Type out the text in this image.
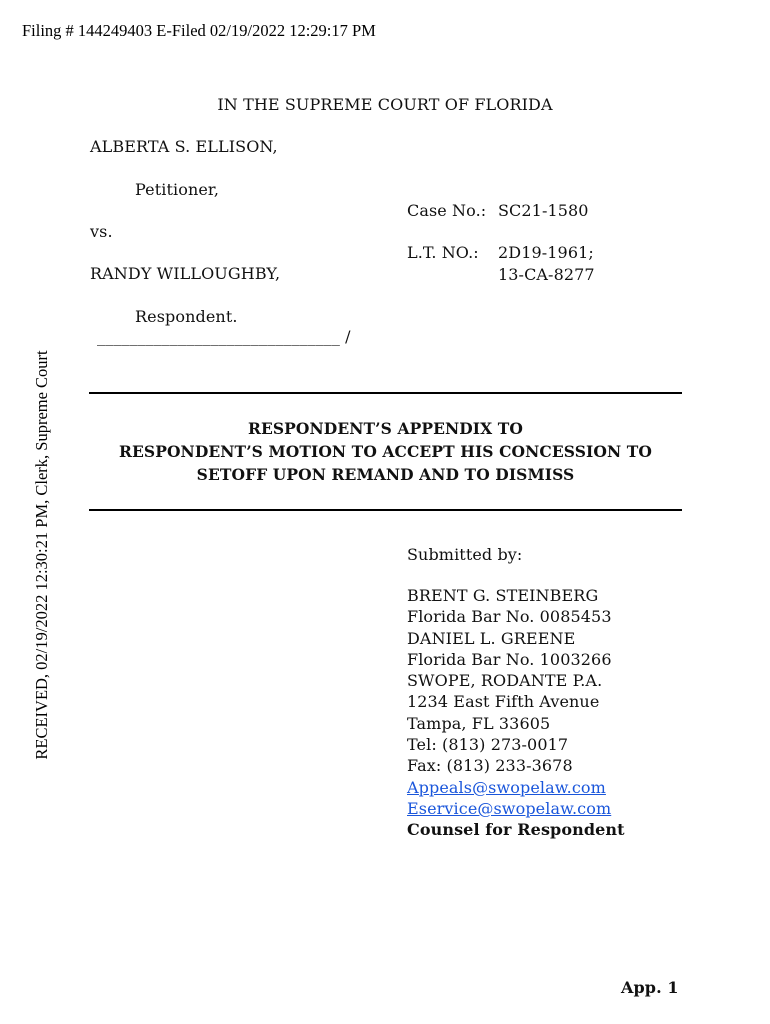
Filing # 144249403 E-Filed 02/19/2022 12:29:17 PM
RECEIVED, 02/19/2022 12:30:21 PM, Clerk, Supreme Court
IN THE SUPREME COURT OF FLORIDA
ALBERTA S. ELLISON,
Petitioner,
vs.
RANDY WILLOUGHBY,
Respondent.
______________________________ /
Case No.: SC21-1580
L.T. NO.: 2D19-1961;
13-CA-8277
RESPONDENT’S APPENDIX TO
RESPONDENT’S MOTION TO ACCEPT HIS CONCESSION TO
SETOFF UPON REMAND AND TO DISMISS
Submitted by:
BRENT G. STEINBERG
Florida Bar No. 0085453
DANIEL L. GREENE
Florida Bar No. 1003266
SWOPE, RODANTE P.A.
1234 East Fifth Avenue
Tampa, FL 33605
Tel: (813) 273-0017
Fax: (813) 233-3678
Appeals@swopelaw.com
Eservice@swopelaw.com
Counsel for Respondent
App. 1
